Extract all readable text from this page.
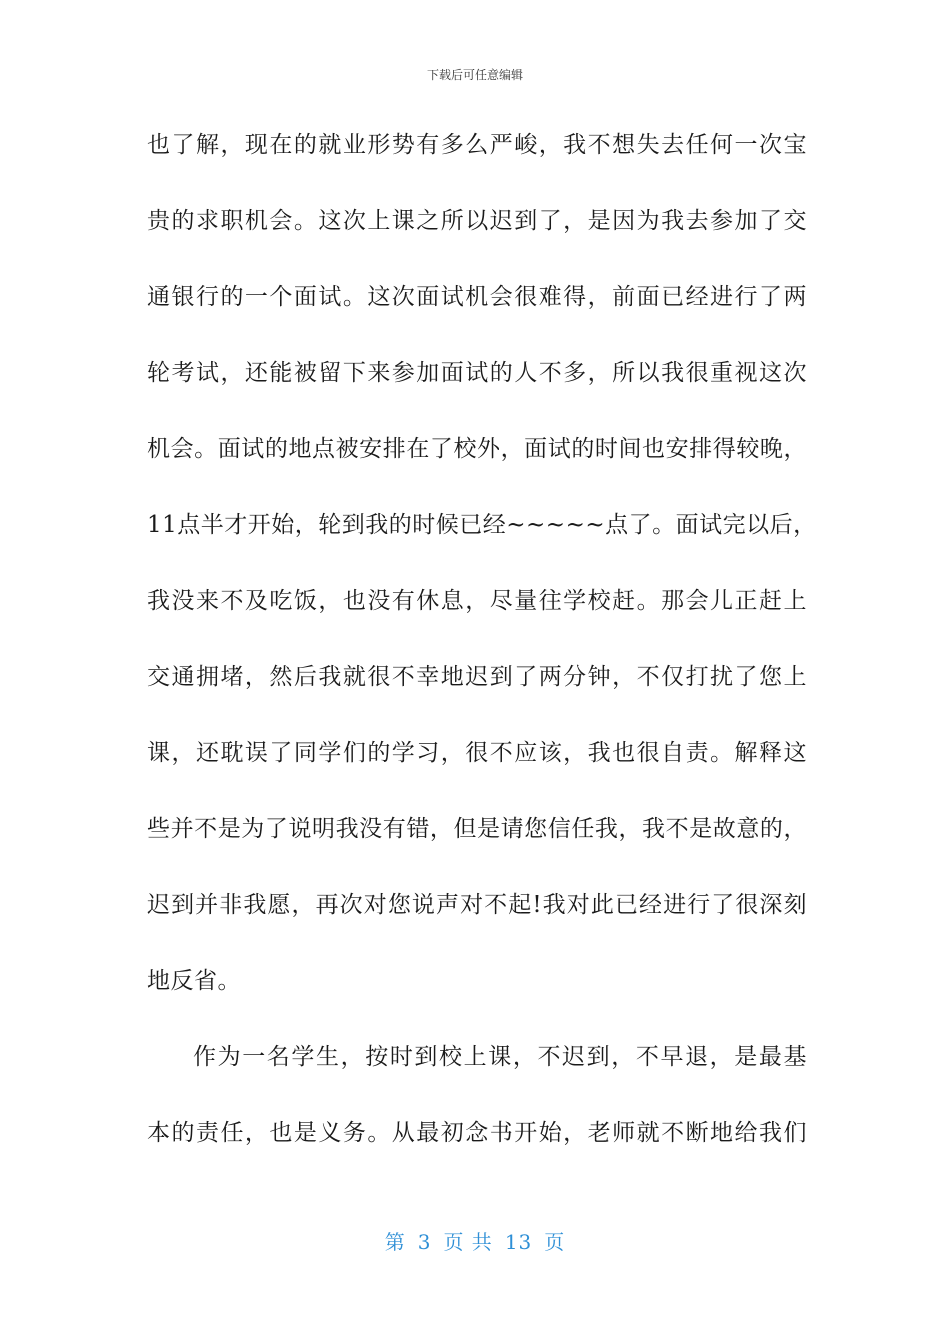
下载后可任意编辑
也了解，现在的就业形势有多么严峻，我不想失去任何一次宝
贵的求职机会。这次上课之所以迟到了，是因为我去参加了交
通银行的一个面试。这次面试机会很难得，前面已经进行了两
轮考试，还能被留下来参加面试的人不多，所以我很重视这次
机会。面试的地点被安排在了校外，面试的时间也安排得较晚，
11点半才开始，轮到我的时候已经~~~~~点了。面试完以后，
我没来不及吃饭，也没有休息，尽量往学校赶。那会儿正赶上
交通拥堵，然后我就很不幸地迟到了两分钟，不仅打扰了您上
课，还耽误了同学们的学习，很不应该，我也很自责。解释这
些并不是为了说明我没有错，但是请您信任我，我不是故意的，
迟到并非我愿，再次对您说声对不起!我对此已经进行了很深刻
地反省。
作为一名学生，按时到校上课，不迟到，不早退，是最基
本的责任，也是义务。从最初念书开始，老师就不断地给我们
第 3 页 共 13 页
